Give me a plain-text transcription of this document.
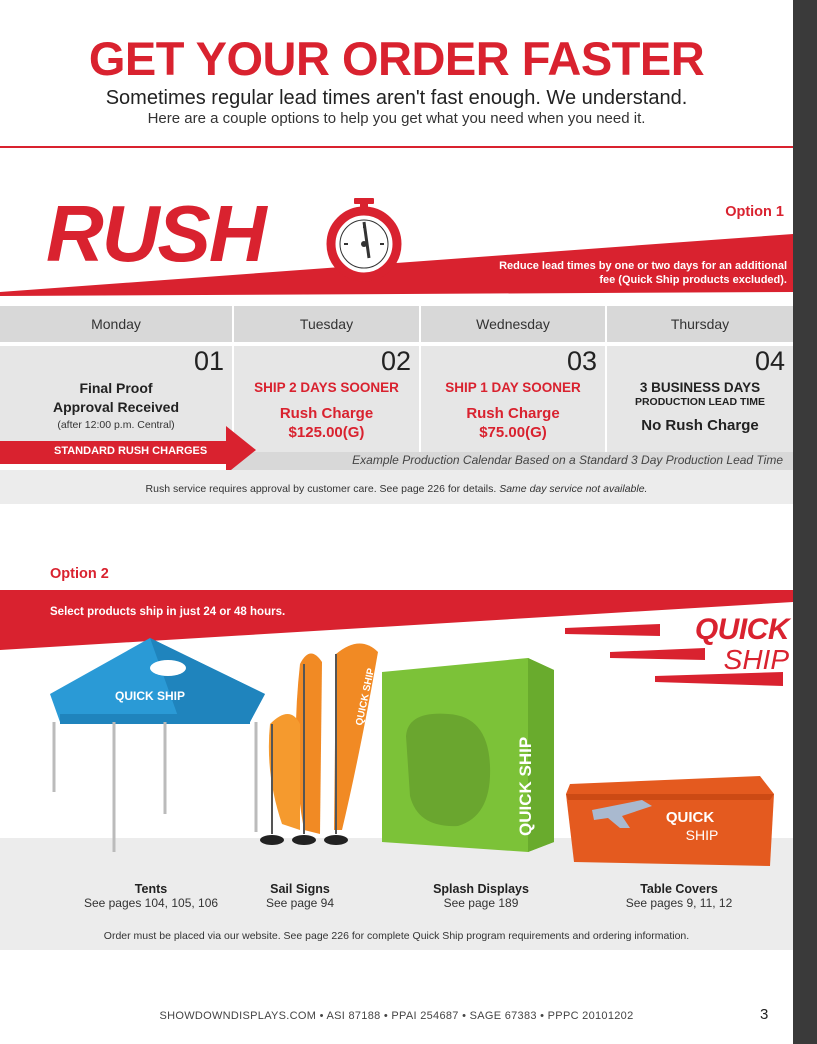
GET YOUR ORDER FASTER
Sometimes regular lead times aren't fast enough. We understand.
Here are a couple options to help you get what you need when you need it.
Option 1
RUSH	Reduce lead times by one or two days for an additional fee (Quick Ship products excluded).
Monday	Tuesday	Wednesday	Thursday
01
Final Proof
Approval Received
(after 12:00 p.m. Central)
02
SHIP 2 DAYS SOONER
Rush Charge
$125.00(G)
03
SHIP 1 DAY SOONER
Rush Charge
$75.00(G)
04
3 BUSINESS DAYS
PRODUCTION LEAD TIME
No Rush Charge
Example Production Calendar Based on a Standard 3 Day Production Lead Time
STANDARD RUSH CHARGES
Rush service requires approval by customer care. See page 226 for details. Same day service not available.
Option 2
Select products ship in just 24 or 48 hours.
QUICK
SHIP
QUICK SHIP	QUICK SHIP
QUICK SHIP	QUICK
SHIP
Tents
See pages 104, 105, 106
Sail Signs
See page 94
Splash Displays
See page 189
Table Covers
See pages 9, 11, 12
Order must be placed via our website. See page 226 for complete Quick Ship program requirements and ordering information.
SHOWDOWNDISPLAYS.COM • ASI 87188 • PPAI 254687 • SAGE 67383 • PPPC 20101202	3
